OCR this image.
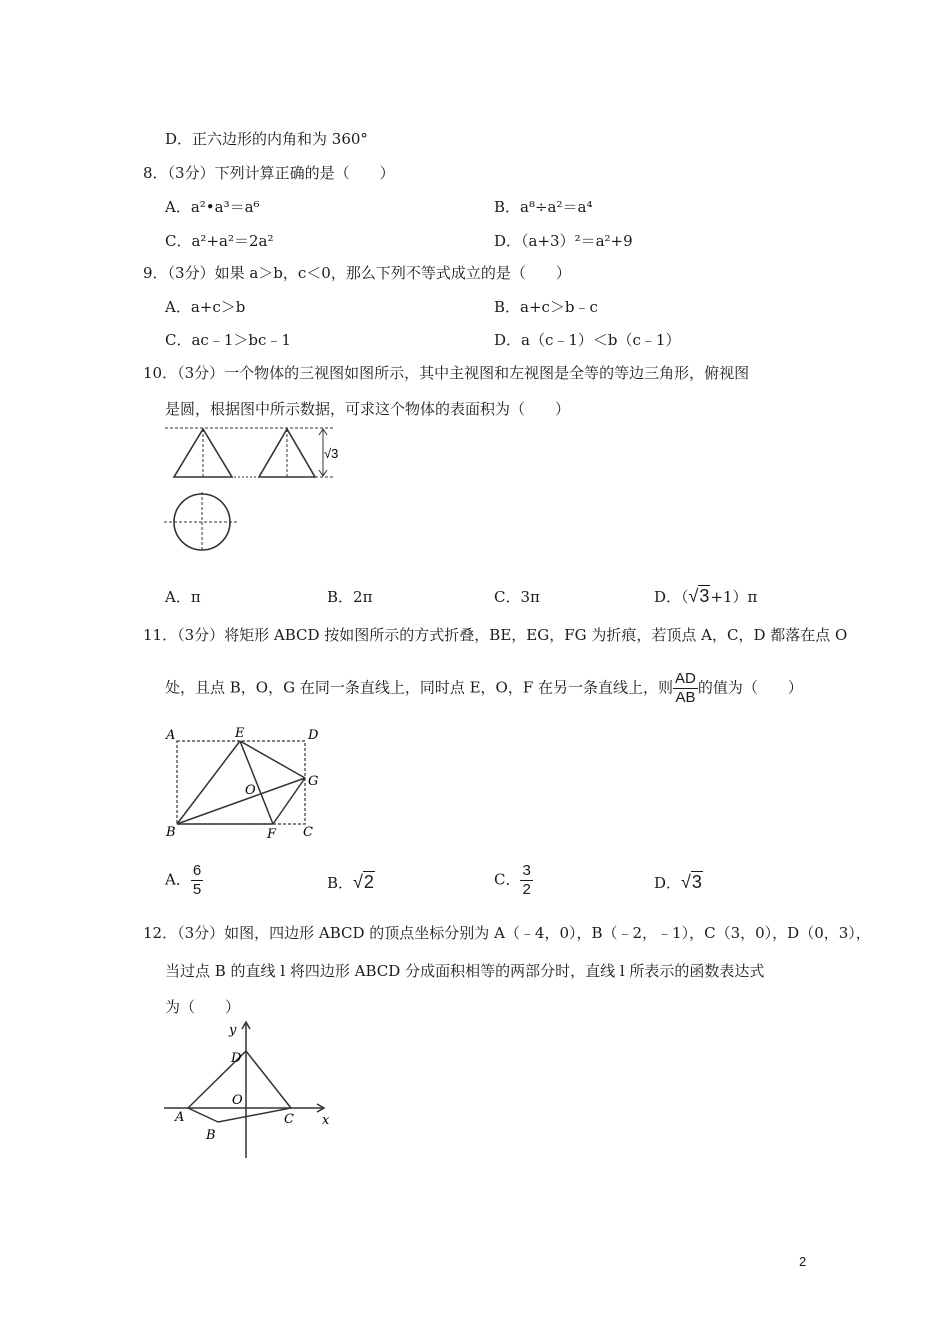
D．正六边形的内角和为 360°
8．（3分）下列计算正确的是（　　）
A．a²•a³＝a⁶	B．a⁸÷a²＝a⁴
C．a²+a²＝2a²	D．（a+3）²＝a²+9
9．（3分）如果 a＞b，c＜0，那么下列不等式成立的是（　　）
A．a+c＞b	B．a+c＞b﹣c
C．ac﹣1＞bc﹣1	D．a（c﹣1）＜b（c﹣1）
10．（3分）一个物体的三视图如图所示，其中主视图和左视图是全等的等边三角形，俯视图
是圆，根据图中所示数据，可求这个物体的表面积为（　　）
√3
A．π	B．2π	C．3π	D．（√3+1）π
11．（3分）将矩形 ABCD 按如图所示的方式折叠，BE，EG，FG 为折痕，若顶点 A，C，D 都落在点 O
处，且点 B，O，G 在同一条直线上，同时点 E，O，F 在另一条直线上，则 $\frac{AD}{AB}$ 的值为（　　）
A	E	D
G
O
B	F C
A． $\frac{6}{5}$	B．√2	C． $\frac{3}{2}$	D．√3
12．（3分）如图，四边形 ABCD 的顶点坐标分别为 A（﹣4，0），B（﹣2，﹣1），C（3，0），D（0，3），
当过点 B 的直线 l 将四边形 ABCD 分成面积相等的两部分时，直线 l 所表示的函数表达式
为（　　）
y
x
D
O
A
B
C
2
